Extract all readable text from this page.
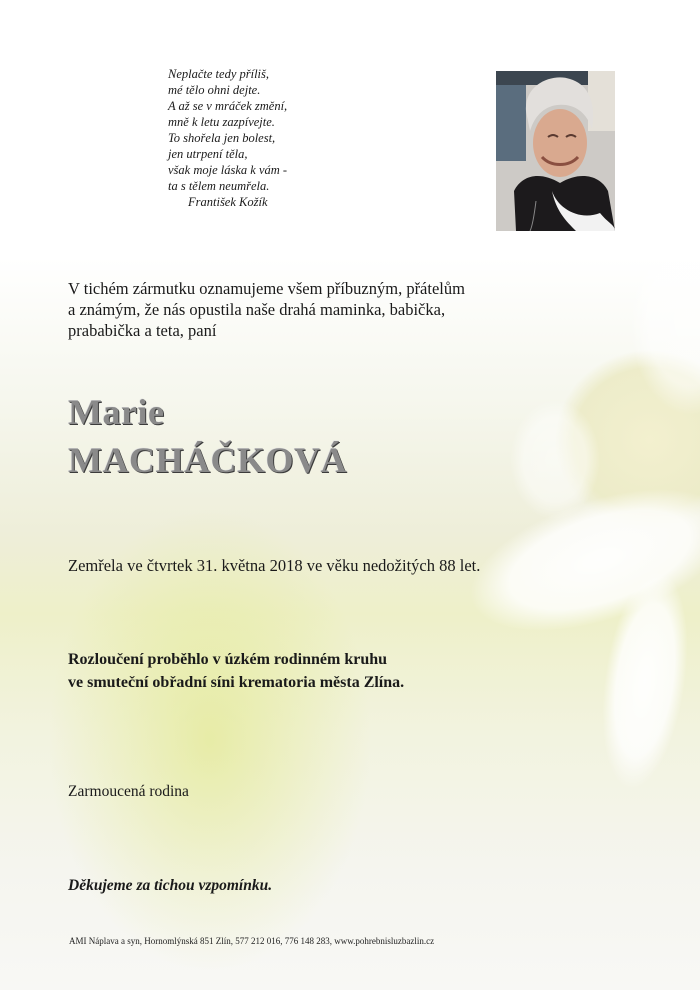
Neplačte tedy příliš,
mé tělo ohni dejte.
A až se v mráček změní,
mně k letu zazpívejte.
To shořela jen bolest,
jen utrpení těla,
však moje láska k vám -
ta s tělem neumřela.
František Kožík
V tichém zármutku oznamujeme všem příbuzným, přátelům
a známým, že nás opustila naše drahá maminka, babička,
prababička a teta, paní
Marie
MACHÁČKOVÁ
Zemřela ve čtvrtek 31. května 2018 ve věku nedožitých 88 let.
Rozloučení proběhlo v úzkém rodinném kruhu
ve smuteční obřadní síni krematoria města Zlína.
Zarmoucená rodina
Děkujeme za tichou vzpomínku.
AMI Náplava a syn, Hornomlýnská 851 Zlín, 577 212 016, 776 148 283, www.pohrebnisluzbazlin.cz
